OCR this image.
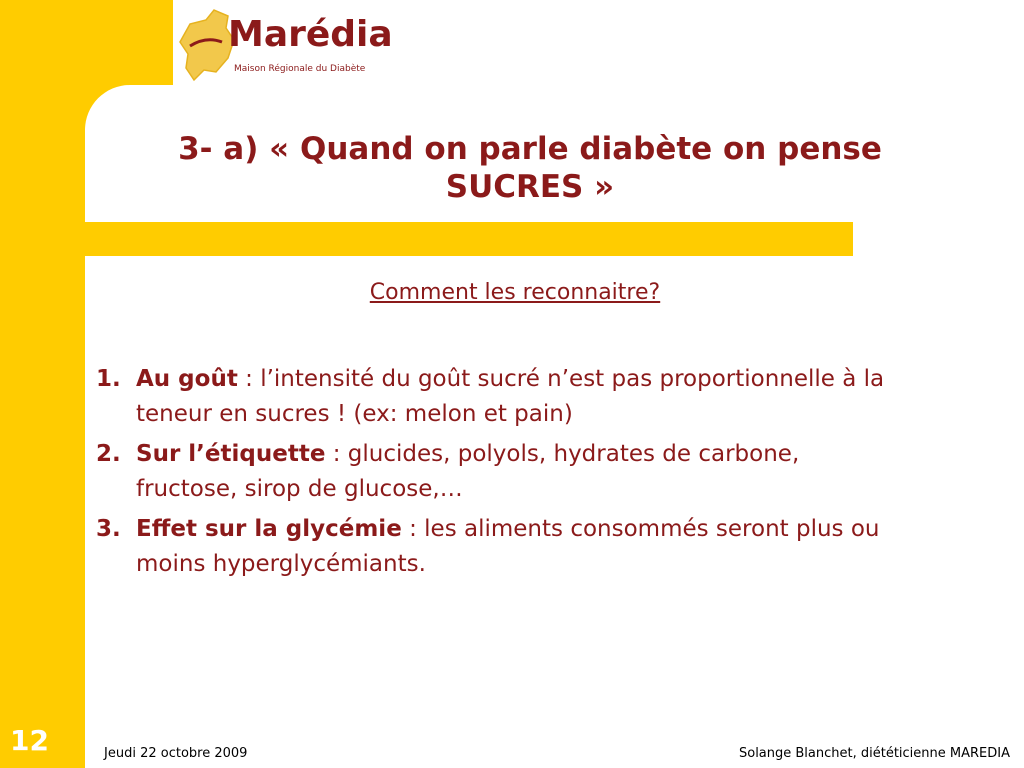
Marédia
Maison Régionale du Diabète
3- a) « Quand on parle diabète on pense
SUCRES »
Comment les reconnaitre?
1. Au goût : l’intensité du goût sucré n’est pas proportionnelle à la teneur en sucres ! (ex: melon et pain)
2. Sur l’étiquette : glucides, polyols, hydrates de carbone, fructose, sirop de glucose,…
3. Effet sur la glycémie : les aliments consommés seront plus ou moins hyperglycémiants.
12	Jeudi 22 octobre 2009	Solange Blanchet, diététicienne MAREDIA
